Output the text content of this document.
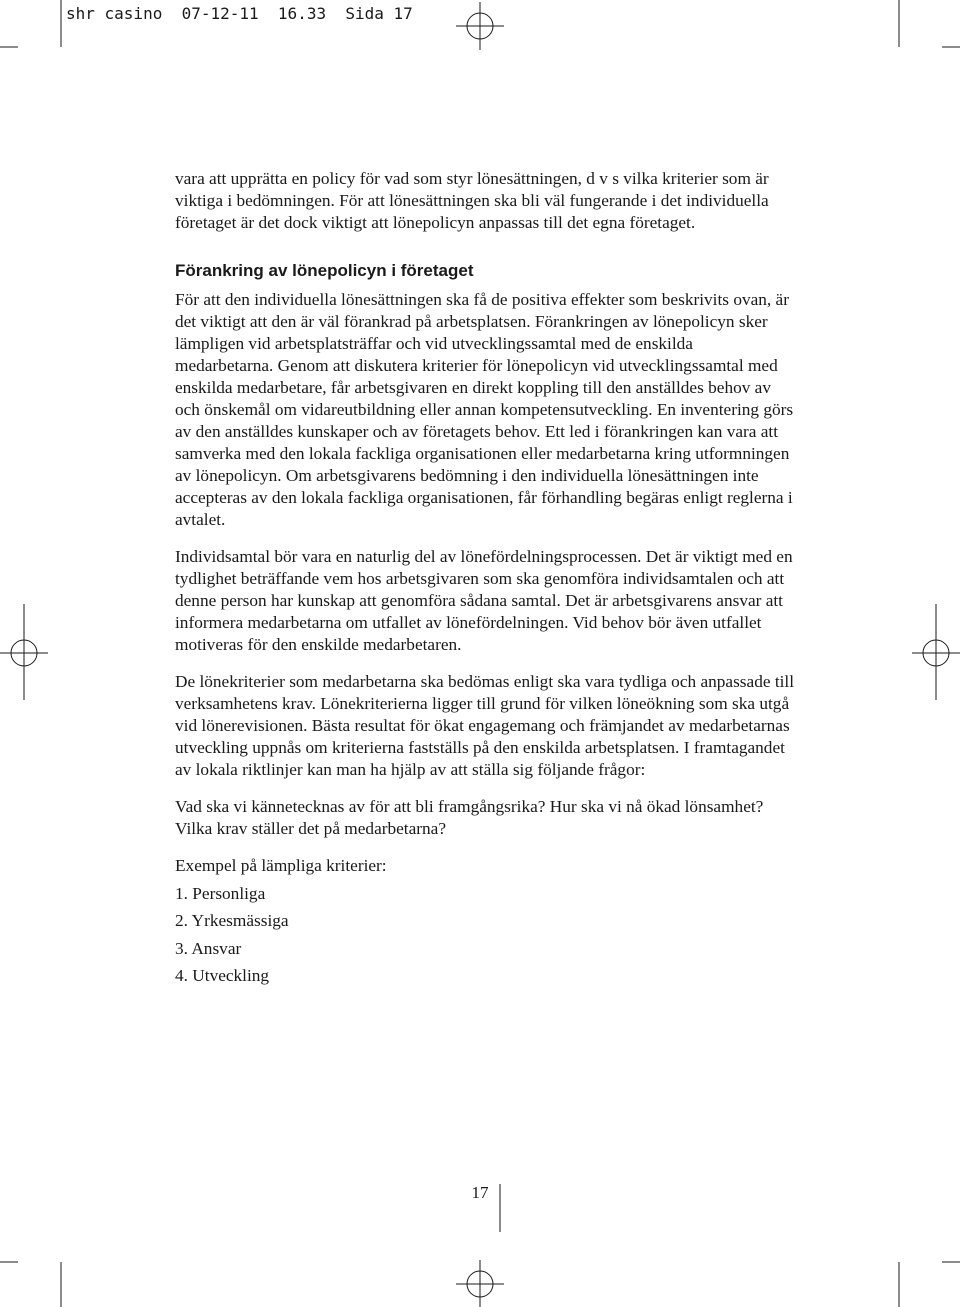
shr casino  07-12-11  16.33  Sida 17

vara att upprätta en policy för vad som styr lönesättningen, d v s vilka kriterier som är viktiga i bedömningen. För att lönesättningen ska bli väl fungerande i det individuella företaget är det dock viktigt att lönepolicyn anpassas till det egna företaget.

Förankring av lönepolicyn i företaget

För att den individuella lönesättningen ska få de positiva effekter som beskrivits ovan, är det viktigt att den är väl förankrad på arbetsplatsen. Förankringen av lönepolicyn sker lämpligen vid arbetsplatsträffar och vid utvecklingssamtal med de enskilda medarbetarna. Genom att diskutera kriterier för lönepolicyn vid utvecklingssamtal med enskilda medarbetare, får arbetsgivaren en direkt koppling till den anställdes behov av och önskemål om vidareutbildning eller annan kompetensutveckling. En inventering görs av den anställdes kunskaper och av företagets behov. Ett led i förankringen kan vara att samverka med den lokala fackliga organisationen eller medarbetarna kring utformningen av lönepolicyn. Om arbetsgivarens bedömning i den individuella lönesättningen inte accepteras av den lokala fackliga organisationen, får förhandling begäras enligt reglerna i avtalet.

Individsamtal bör vara en naturlig del av lönefördelningsprocessen. Det är viktigt med en tydlighet beträffande vem hos arbetsgivaren som ska genomföra individsamtalen och att denne person har kunskap att genomföra sådana samtal. Det är arbetsgivarens ansvar att informera medarbetarna om utfallet av lönefördelningen. Vid behov bör även utfallet motiveras för den enskilde medarbetaren.

De lönekriterier som medarbetarna ska bedömas enligt ska vara tydliga och anpassade till verksamhetens krav. Lönekriterierna ligger till grund för vilken löneökning som ska utgå vid lönerevisionen. Bästa resultat för ökat engagemang och främjandet av medarbetarnas utveckling uppnås om kriterierna fastställs på den enskilda arbetsplatsen. I framtagandet av lokala riktlinjer kan man ha hjälp av att ställa sig följande frågor:

Vad ska vi kännetecknas av för att bli framgångsrika? Hur ska vi nå ökad lönsamhet? Vilka krav ställer det på medarbetarna?

Exempel på lämpliga kriterier:

1. Personliga
2. Yrkesmässiga
3. Ansvar
4. Utveckling
17
